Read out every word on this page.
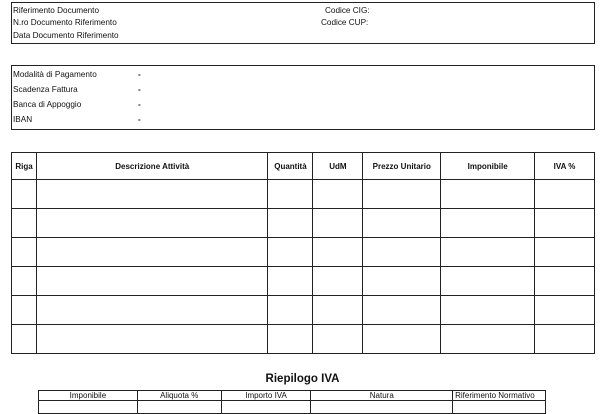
Riferimento Documento
N.ro Documento Riferimento
Data Documento Riferimento
Codice CIG:
Codice CUP:
Modalità di Pagamento	-
Scadenza Fattura	-
Banca di Appoggio	-
IBAN	-
Riga	Descrizione Attività	Quantità	UdM	Prezzo Unitario	Imponibile	IVA %

Riepilogo IVA
Imponibile	Aliquota %	Importo IVA	Natura	Riferimento Normativo
